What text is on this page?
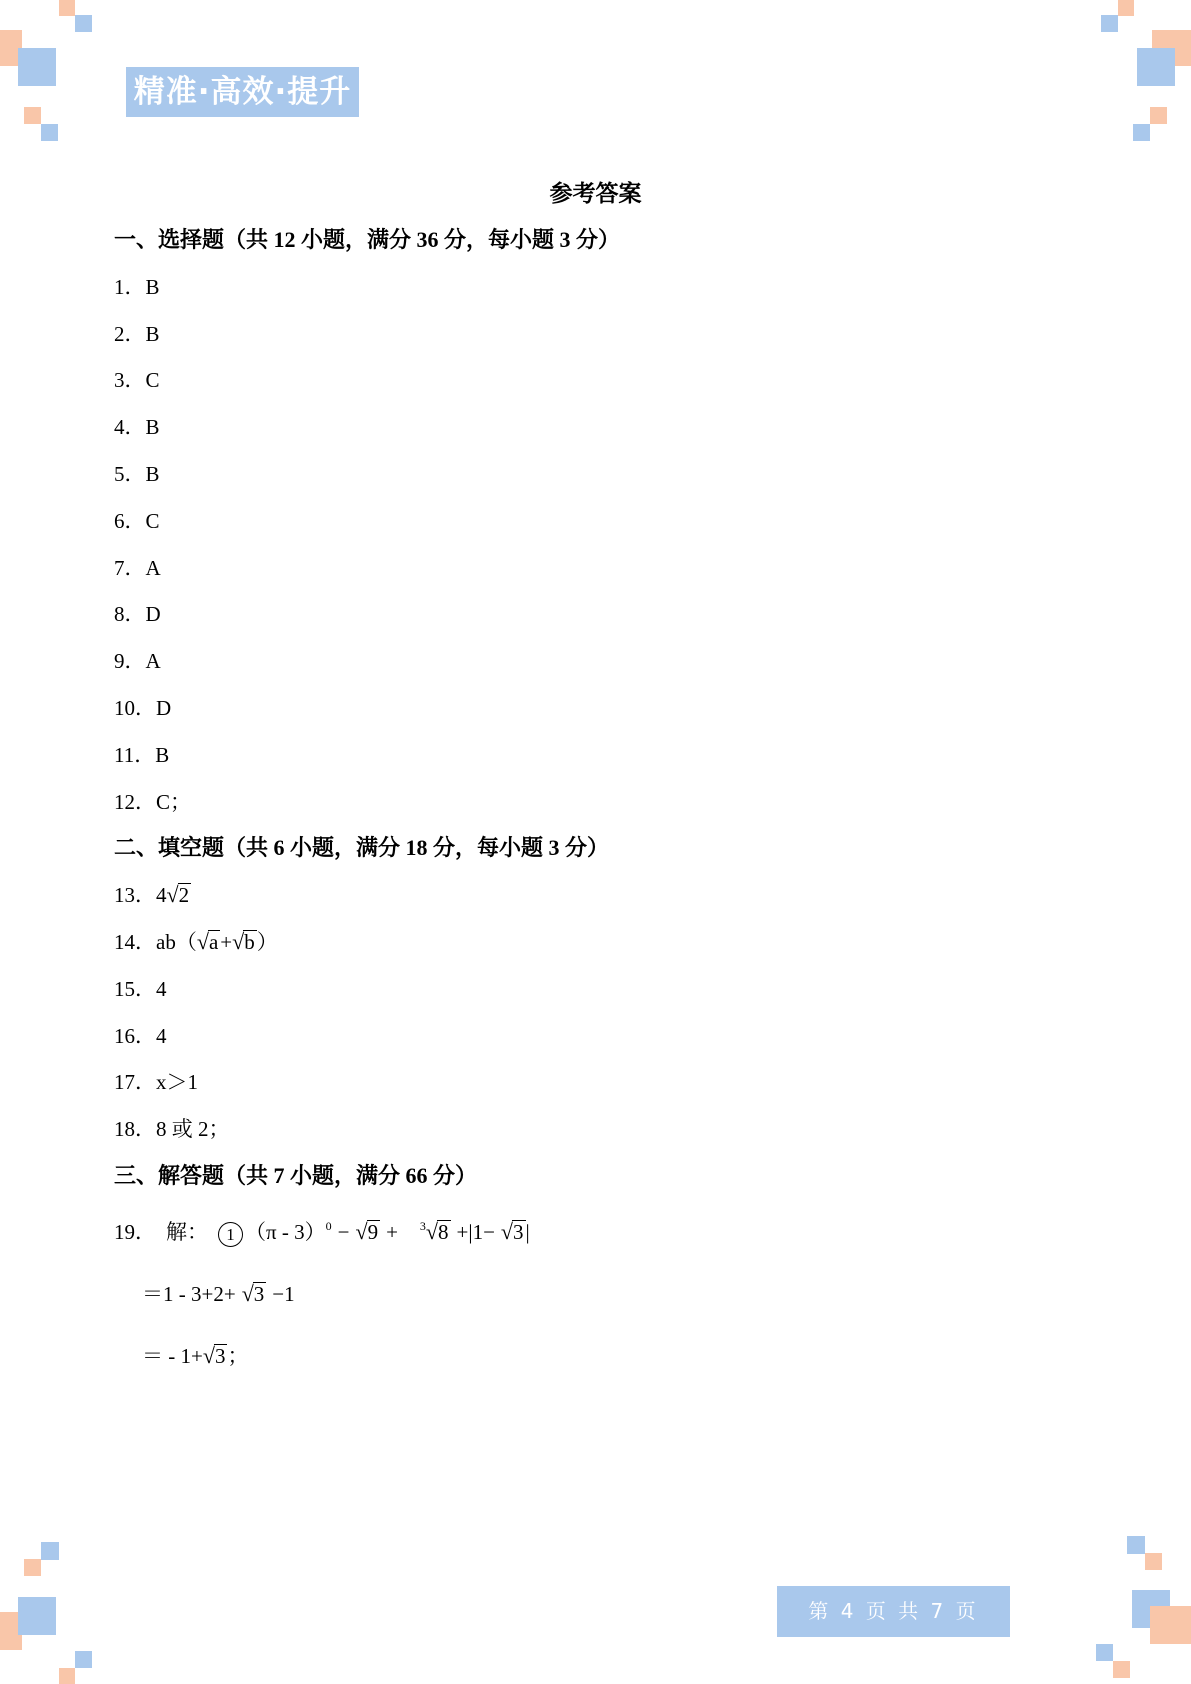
精准·高效·提升
参考答案
一、选择题（共 12 小题，满分 36 分，每小题 3 分）
1．B
2．B
3．C
4．B
5．B
6．C
7．A
8．D
9．A
10．D
11．B
12．C；
二、填空题（共 6 小题，满分 18 分，每小题 3 分）
13．4√2
14．ab（√a+√b）
15．4
16．4
17．x＞1
18．8 或 2；
三、解答题（共 7 小题，满分 66 分）
19． 解： 1 （π - 3）$^0$ − √9 + $^3$√8 +|1− √3|
＝1 - 3+2+ √3 −1
＝ - 1+√3；
第 4 页 共 7 页
